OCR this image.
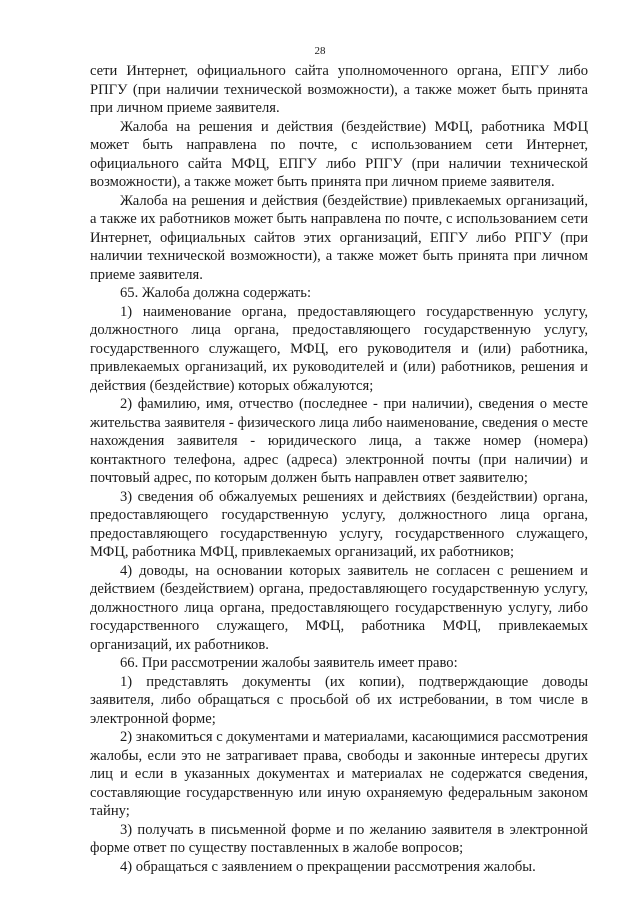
28

сети Интернет, официального сайта уполномоченного органа, ЕПГУ либо РПГУ (при наличии технической возможности), а также может быть принята при личном приеме заявителя.

Жалоба на решения и действия (бездействие) МФЦ, работника МФЦ может быть направлена по почте, с использованием сети Интернет, официального сайта МФЦ, ЕПГУ либо РПГУ (при наличии технической возможности), а также может быть принята при личном приеме заявителя.

Жалоба на решения и действия (бездействие) привлекаемых организаций, а также их работников может быть направлена по почте, с использованием сети Интернет, официальных сайтов этих организаций, ЕПГУ либо РПГУ (при наличии технической возможности), а также может быть принята при личном приеме заявителя.

65. Жалоба должна содержать:

1) наименование органа, предоставляющего государственную услугу, должностного лица органа, предоставляющего государственную услугу, государственного служащего, МФЦ, его руководителя и (или) работника, привлекаемых организаций, их руководителей и (или) работников, решения и действия (бездействие) которых обжалуются;

2) фамилию, имя, отчество (последнее - при наличии), сведения о месте жительства заявителя - физического лица либо наименование, сведения о месте нахождения заявителя - юридического лица, а также номер (номера) контактного телефона, адрес (адреса) электронной почты (при наличии) и почтовый адрес, по которым должен быть направлен ответ заявителю;

3) сведения об обжалуемых решениях и действиях (бездействии) органа, предоставляющего государственную услугу, должностного лица органа, предоставляющего государственную услугу, государственного служащего, МФЦ, работника МФЦ, привлекаемых организаций, их работников;

4) доводы, на основании которых заявитель не согласен с решением и действием (бездействием) органа, предоставляющего государственную услугу, должностного лица органа, предоставляющего государственную услугу, либо государственного служащего, МФЦ, работника МФЦ, привлекаемых организаций, их работников.

66. При рассмотрении жалобы заявитель имеет право:

1) представлять документы (их копии), подтверждающие доводы заявителя, либо обращаться с просьбой об их истребовании, в том числе в электронной форме;

2) знакомиться с документами и материалами, касающимися рассмотрения жалобы, если это не затрагивает права, свободы и законные интересы других лиц и если в указанных документах и материалах не содержатся сведения, составляющие государственную или иную охраняемую федеральным законом тайну;

3) получать в письменной форме и по желанию заявителя в электронной форме ответ по существу поставленных в жалобе вопросов;

4) обращаться с заявлением о прекращении рассмотрения жалобы.
